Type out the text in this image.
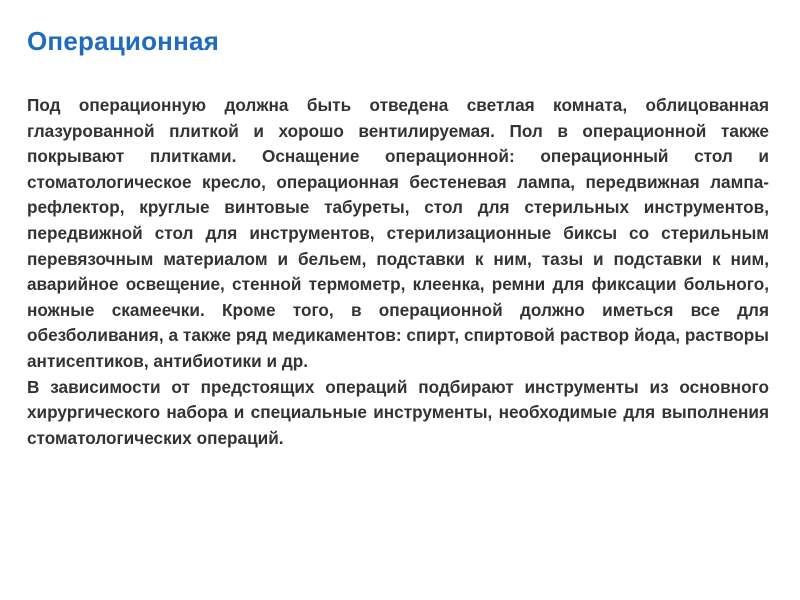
Операционная

Под операционную должна быть отведена светлая комната, облицованная глазурованной плиткой и хорошо вентилируемая. Пол в операционной также покрывают плитками. Оснащение операционной: операционный стол и стоматологическое кресло, операционная бестеневая лампа, передвижная лампа-рефлектор, круглые винтовые табуреты, стол для стерильных инструментов, передвижной стол для инструментов, стерилизационные биксы со стерильным перевязочным материалом и бельем, подставки к ним, тазы и подставки к ним, аварийное освещение, стенной термометр, клеенка, ремни для фиксации больного, ножные скамеечки. Кроме того, в операционной должно иметься все для обезболивания, а также ряд медикаментов: спирт, спиртовой раствор йода, растворы антисептиков, антибиотики и др.

В зависимости от предстоящих операций подбирают инструменты из основного хирургического набора и специальные инструменты, необходимые для выполнения стоматологических операций.
